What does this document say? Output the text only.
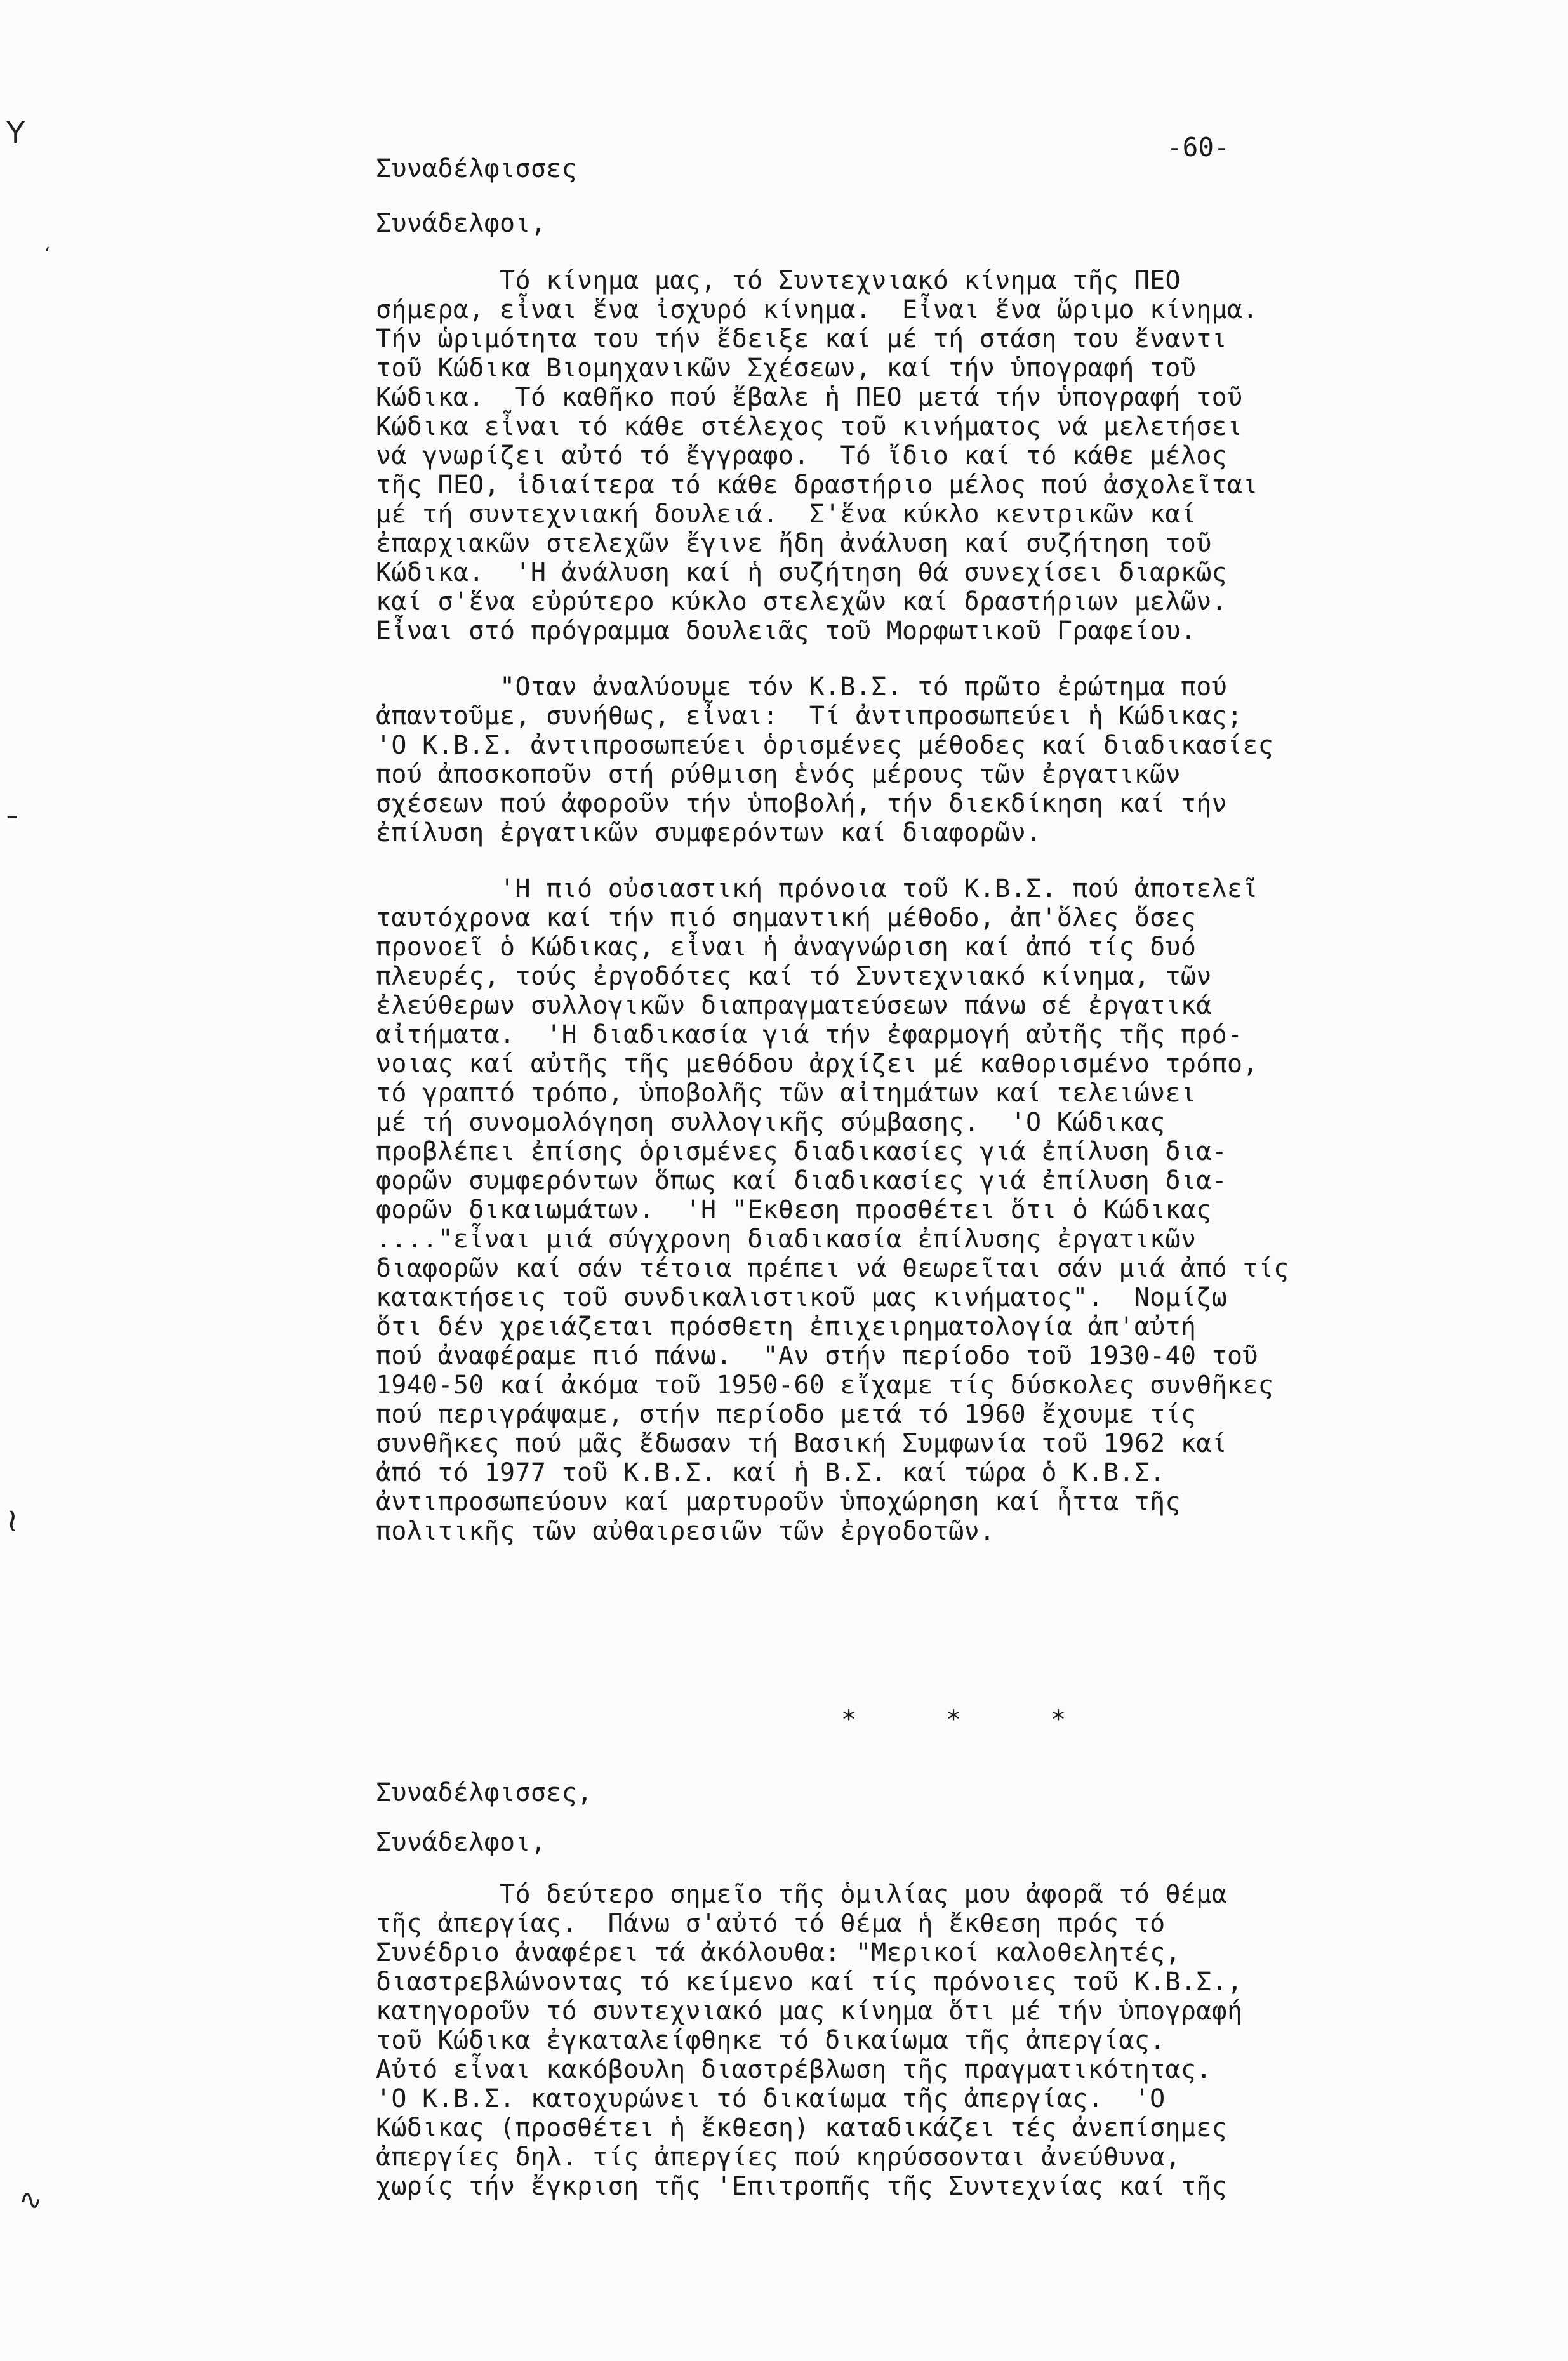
Y
‘
–
≀
∿
-60-
Συναδέλφισσες
Συνάδελφοι,
Τό κίνημα μας, τό Συντεχνιακό κίνημα τῆς ΠΕΟ
σήμερα, εἶναι ἕνα ἰσχυρό κίνημα.  Εἶναι ἕνα ὥριμο κίνημα.
Τήν ὡριμότητα του τήν ἔδειξε καί μέ τή στάση του ἔναντι
τοῦ Κώδικα Βιομηχανικῶν Σχέσεων, καί τήν ὑπογραφή τοῦ
Κώδικα.  Τό καθῆκο πού ἔβαλε ἡ ΠΕΟ μετά τήν ὑπογραφή τοῦ
Κώδικα εἶναι τό κάθε στέλεχος τοῦ κινήματος νά μελετήσει
νά γνωρίζει αὐτό τό ἔγγραφο.  Τό ἴδιο καί τό κάθε μέλος
τῆς ΠΕΟ, ἰδιαίτερα τό κάθε δραστήριο μέλος πού ἀσχολεῖται
μέ τή συντεχνιακή δουλειά.  Σ'ἕνα κύκλο κεντρικῶν καί
ἐπαρχιακῶν στελεχῶν ἔγινε ἤδη ἀνάλυση καί συζήτηση τοῦ
Κώδικα.  'Η ἀνάλυση καί ἡ συζήτηση θά συνεχίσει διαρκῶς
καί σ'ἕνα εὐρύτερο κύκλο στελεχῶν καί δραστήριων μελῶν.
Εἶναι στό πρόγραμμα δουλειᾶς τοῦ Μορφωτικοῦ Γραφείου.
"Οταν ἀναλύουμε τόν Κ.Β.Σ. τό πρῶτο ἐρώτημα πού
ἀπαντοῦμε, συνήθως, εἶναι:  Τί ἀντιπροσωπεύει ἡ Κώδικας;
'Ο Κ.Β.Σ. ἀντιπροσωπεύει ὁρισμένες μέθοδες καί διαδικασίες
πού ἀποσκοποῦν στή ρύθμιση ἑνός μέρους τῶν ἐργατικῶν
σχέσεων πού ἀφοροῦν τήν ὑποβολή, τήν διεκδίκηση καί τήν
ἐπίλυση ἐργατικῶν συμφερόντων καί διαφορῶν.
'Η πιό οὐσιαστική πρόνοια τοῦ Κ.Β.Σ. πού ἀποτελεῖ
ταυτόχρονα καί τήν πιό σημαντική μέθοδο, ἀπ'ὅλες ὅσες
προνοεῖ ὁ Κώδικας, εἶναι ἡ ἀναγνώριση καί ἀπό τίς δυό
πλευρές, τούς ἐργοδότες καί τό Συντεχνιακό κίνημα, τῶν
ἐλεύθερων συλλογικῶν διαπραγματεύσεων πάνω σέ ἐργατικά
αἰτήματα.  'Η διαδικασία γιά τήν ἐφαρμογή αὐτῆς τῆς πρό-
νοιας καί αὐτῆς τῆς μεθόδου ἀρχίζει μέ καθορισμένο τρόπο,
τό γραπτό τρόπο, ὑποβολῆς τῶν αἰτημάτων καί τελειώνει
μέ τή συνομολόγηση συλλογικῆς σύμβασης.  'Ο Κώδικας
προβλέπει ἐπίσης ὁρισμένες διαδικασίες γιά ἐπίλυση δια-
φορῶν συμφερόντων ὅπως καί διαδικασίες γιά ἐπίλυση δια-
φορῶν δικαιωμάτων.  'Η "Εκθεση προσθέτει ὅτι ὁ Κώδικας
...."εἶναι μιά σύγχρονη διαδικασία ἐπίλυσης ἐργατικῶν
διαφορῶν καί σάν τέτοια πρέπει νά θεωρεῖται σάν μιά ἀπό τίς
κατακτήσεις τοῦ συνδικαλιστικοῦ μας κινήματος".  Νομίζω
ὅτι δέν χρειάζεται πρόσθετη ἐπιχειρηματολογία ἀπ'αὐτή
πού ἀναφέραμε πιό πάνω.  "Αν στήν περίοδο τοῦ 1930-40 τοῦ
1940-50 καί ἀκόμα τοῦ 1950-60 εἴχαμε τίς δύσκολες συνθῆκες
πού περιγράψαμε, στήν περίοδο μετά τό 1960 ἔχουμε τίς
συνθῆκες πού μᾶς ἔδωσαν τή Βασική Συμφωνία τοῦ 1962 καί
ἀπό τό 1977 τοῦ Κ.Β.Σ. καί ἡ Β.Σ. καί τώρα ὁ Κ.Β.Σ.
ἀντιπροσωπεύουν καί μαρτυροῦν ὑποχώρηση καί ἧττα τῆς
πολιτικῆς τῶν αὐθαιρεσιῶν τῶν ἐργοδοτῶν.
*	*	*
Συναδέλφισσες,
Συνάδελφοι,
Τό δεύτερο σημεῖο τῆς ὁμιλίας μου ἀφορᾶ τό θέμα
τῆς ἀπεργίας.  Πάνω σ'αὐτό τό θέμα ἡ ἔκθεση πρός τό
Συνέδριο ἀναφέρει τά ἀκόλουθα: "Μερικοί καλοθελητές,
διαστρεβλώνοντας τό κείμενο καί τίς πρόνοιες τοῦ Κ.Β.Σ.,
κατηγοροῦν τό συντεχνιακό μας κίνημα ὅτι μέ τήν ὑπογραφή
τοῦ Κώδικα ἐγκαταλείφθηκε τό δικαίωμα τῆς ἀπεργίας.
Αὐτό εἶναι κακόβουλη διαστρέβλωση τῆς πραγματικότητας.
'Ο Κ.Β.Σ. κατοχυρώνει τό δικαίωμα τῆς ἀπεργίας.  'Ο
Κώδικας (προσθέτει ἡ ἔκθεση) καταδικάζει τές ἀνεπίσημες
ἀπεργίες δηλ. τίς ἀπεργίες πού κηρύσσονται ἀνεύθυνα,
χωρίς τήν ἔγκριση τῆς 'Επιτροπῆς τῆς Συντεχνίας καί τῆς
